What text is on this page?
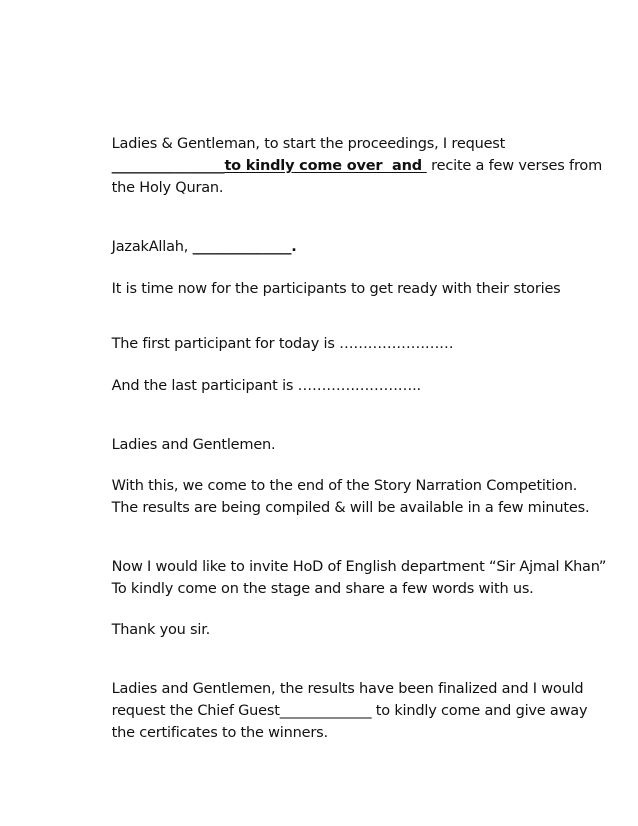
Ladies & Gentleman, to start the proceedings, I request

________________to kindly come over  and  recite a few verses from

the Holy Quran.

JazakAllah, ______________.

It is time now for the participants to get ready with their stories

The first participant for today is ……………………

And the last participant is ……………………..

Ladies and Gentlemen.

With this, we come to the end of the Story Narration Competition.

The results are being compiled & will be available in a few minutes.

Now I would like to invite HoD of English department “Sir Ajmal Khan”

To kindly come on the stage and share a few words with us.

Thank you sir.

Ladies and Gentlemen, the results have been finalized and I would

request the Chief Guest_____________ to kindly come and give away

the certificates to the winners.
